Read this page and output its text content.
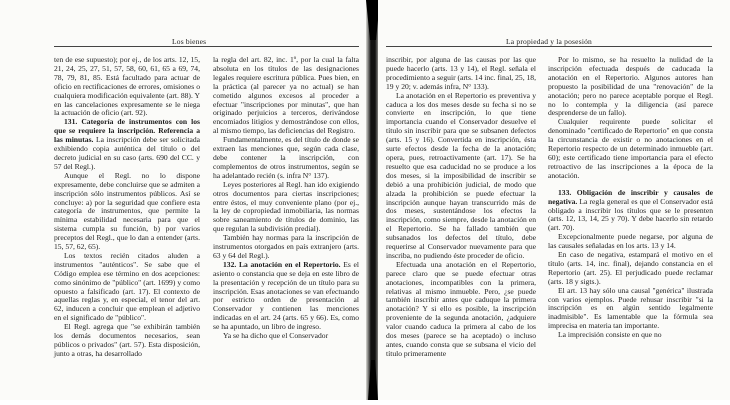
Los bienes

ten de ese supuesto); por ej., de los arts. 12, 15, 21, 24, 25, 27, 51, 57, 58, 60, 61, 65 a 69, 74, 78, 79, 81, 85. Está facultado para actuar de oficio en rectificaciones de errores, omisiones o cualquiera modificación equivalente (art. 88). Y en las cancelaciones expresamente se le niega la actuación de oficio (art. 92).

131. Categoría de instrumentos con los que se requiere la inscripción. Referencia a las minutas. La inscripción debe ser solicitada exhibiendo copia auténtica del título o del decreto judicial en su caso (arts. 690 del CC. y 57 del Regl.).

Aunque el Regl. no lo dispone expresamente, debe concluirse que se admiten a inscripción sólo instrumentos públicos. Así se concluye: a) por la seguridad que confiere esta categoría de instrumentos, que permite la mínima estabilidad necesaria para que el sistema cumpla su función, b) por varios preceptos del Regl., que lo dan a entender (arts. 15, 57, 62, 65).

Los textos recién citados aluden a instrumentos "auténticos". Se sabe que el Código emplea ese término en dos acepciones: como sinónimo de "público" (art. 1699) y como opuesto a falsificado (art. 17). El contexto de aquellas reglas y, en especial, el tenor del art. 62, inducen a concluir que emplean el adjetivo en el significado de "público".

El Regl. agrega que "se exhibirán también los demás documentos necesarios, sean públicos o privados" (art. 57). Esta disposición, junto a otras, ha desarrollado

la regla del art. 82, inc. 1º, por la cual la falta absoluta en los títulos de las designaciones legales requiere escritura pública. Pues bien, en la práctica (al parecer ya no actual) se han cometido algunos excesos al proceder a efectuar "inscripciones por minutas", que han originado perjuicios a terceros, derivándose encomiados litigios y demostrándose con ellos, al mismo tiempo, las deficiencias del Registro.

Fundamentalmente, es del título de donde se extraen las menciones que, según cada clase, debe contener la inscripción, con complementos de otros instrumentos, según se ha adelantado recién (s. infra N° 137).

Leyes posteriores al Regl. han ido exigiendo otros documentos para ciertas inscripciones; entre éstos, el muy conveniente plano (por ej., la ley de copropiedad inmobiliaria, las normas sobre saneamiento de títulos de dominio, las que regulan la subdivisión predial).

También hay normas para la inscripción de instrumentos otorgados en país extranjero (arts. 63 y 64 del Regl.).

132. La anotación en el Repertorio. Es el asiento o constancia que se deja en este libro de la presentación y recepción de un título para su inscripción. Esas anotaciones se van efectuando por estricto orden de presentación al Conservador y contienen las menciones indicadas en el art. 24 (arts. 65 y 66). Es, como se ha apuntado, un libro de ingreso.

Ya se ha dicho que el Conservador

La propiedad y la posesión

inscribir, por alguna de las causas por las que puede hacerlo (arts. 13 y 14), el Regl. señala el procedimiento a seguir (arts. 14 inc. final, 25, 18, 19 y 20; v. además infra, N° 133).

La anotación en el Repertorio es preventiva y caduca a los dos meses desde su fecha si no se convierte en inscripción, lo que tiene importancia cuando el Conservador desuelve el título sin inscribir para que se subsanen defectos (arts. 15 y 16). Convertida en inscripción, ésta surte efectos desde la fecha de la anotación; opera, pues, retroactivamente (art. 17). Se ha resuelto que esa caducidad no se produce a los dos meses, si la imposibilidad de inscribir se debió a una prohibición judicial, de modo que alzada la prohibición se puede efectuar la inscripción aunque hayan transcurrido más de dos meses, sustentándose los efectos la inscripción, como siempre, desde la anotación en el Repertorio. Se ha fallado también que subsanados los defectos del título, debe requerirse al Conservador nuevamente para que inscriba, no pudiendo éste proceder de oficio.

Efectuada una anotación en el Repertorio, parece claro que se puede efectuar otras anotaciones, incompatibles con la primera, relativas al mismo inmueble. Pero, ¿se puede también inscribir antes que caduque la primera anotación? Y si ello es posible, la inscripción proveniente de la segunda anotación, ¿adquiere valor cuando caduca la primera al cabo de los dos meses (parece se ha aceptado) o incluso antes, cuando consta que se subsana el vicio del título primeramente

Por lo mismo, se ha resuelto la nulidad de la inscripción efectuada después de caducada la anotación en el Repertorio. Algunos autores han propuesto la posibilidad de una "renovación" de la anotación; pero no parece aceptable porque el Regl. no lo contempla y la diligencia (así parece desprenderse de un fallo).

Cualquier requirente puede solicitar el denominado "certificado de Repertorio" en que consta la circunstancia de existir o no anotaciones en el Repertorio respecto de un determinado inmueble (art. 60); este certificado tiene importancia para el efecto retroactivo de las inscripciones a la época de la anotación.

133. Obligación de inscribir y causales de negativa. La regla general es que el Conservador está obligado a inscribir los títulos que se le presenten (arts. 12, 13, 14, 25 y 70). Y debe hacerlo sin retardo (art. 70).

Excepcionalmente puede negarse, por alguna de las causales señaladas en los arts. 13 y 14.

En caso de negativa, estampará el motivo en el título (arts. 14, inc. final), dejando constancia en el Repertorio (art. 25). El perjudicado puede reclamar (arts. 18 y sigts.).

El art. 13 hay sólo una causal "genérica" ilustrada con varios ejemplos. Puede rehusar inscribir "si la inscripción es en algún sentido legalmente inadmisible". Es lamentable que la fórmula sea imprecisa en materia tan importante.

La imprecisión consiste en que no
